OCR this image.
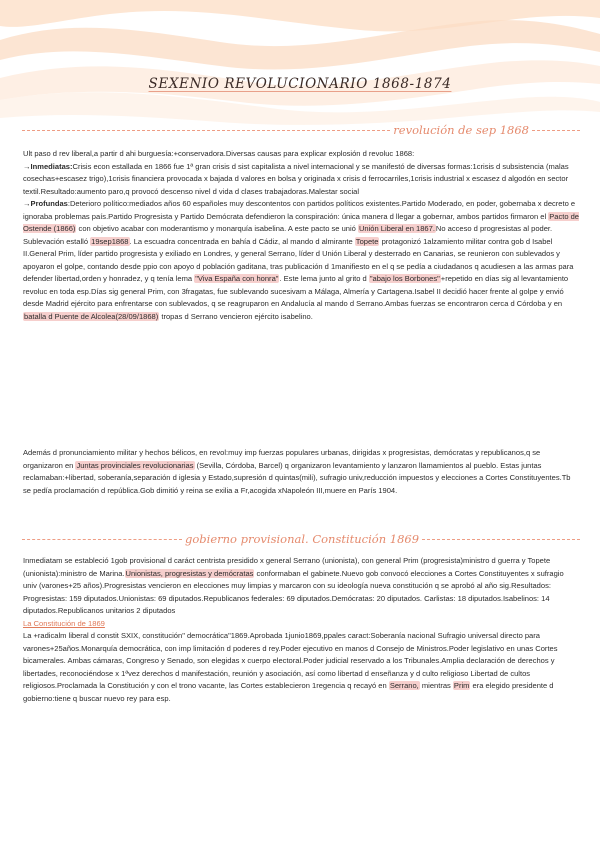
SEXENIO REVOLUCIONARIO 1868-1874
revolución de sep 1868

Ult paso d rev liberal,a partir d ahi burguesía:+conservadora.Diversas causas para explicar explosión d revoluc 1868:
→Inmediatas:Crisis econ estallada en 1866 fue 1ª gran crisis d sist capitalista a nivel internacional y se manifestó de diversas formas:1crisis d subsistencia (malas cosechas+escasez trigo),1crisis financiera provocada x bajada d valores en bolsa y originada x crisis d ferrocarriles,1crisis industrial x escasez d algodón en sector textil.Resultado:aumento paro,q provocó descenso nivel d vida d clases trabajadoras.Malestar social
→Profundas:Deterioro político:mediados años 60 españoles muy descontentos con partidos políticos existentes.Partido Moderado, en poder, gobernaba x decreto e ignoraba problemas país.Partido Progresista y Partido Demócrata defendieron la conspiración: única manera d llegar a gobernar, ambos partidos firmaron el Pacto de Ostende (1866) con objetivo acabar con moderantismo y monarquía isabelina. A este pacto se unió Unión Liberal en 1867.No acceso d progresistas al poder. Sublevación estalló 19sep1868. La escuadra concentrada en bahía d Cádiz, al mando d almirante Topete protagonizó 1alzamiento militar contra gob d Isabel II.General Prim, líder partido progresista y exiliado en Londres, y general Serrano, líder d Unión Liberal y desterrado en Canarias, se reunieron con sublevados y apoyaron el golpe, contando desde ppio con apoyo d población gaditana, tras publicación d 1manifiesto en el q se pedía a ciudadanos q acudiesen a las armas para defender libertad,orden y honradez, y q tenía lema "Viva España con honra". Este lema junto al grito d "abajo los Borbones"+repetido en días sig al levantamiento revoluc en toda esp.Días sig general Prim, con 3fragatas, fue sublevando sucesivam a Málaga, Almería y Cartagena.Isabel II decidió hacer frente al golpe y envió desde Madrid ejército para enfrentarse con sublevados, q se reagruparon en Andalucía al mando d Serrano.Ambas fuerzas se encontraron cerca d Córdoba y en batalla d Puente de Alcolea(28/09/1868) tropas d Serrano vencieron ejército isabelino.

Además d pronunciamiento militar y hechos bélicos, en revol:muy imp fuerzas populares urbanas, dirigidas x progresistas, demócratas y republicanos,q se organizaron en Juntas provinciales revolucionarias (Sevilla, Córdoba, Barcel) q organizaron levantamiento y lanzaron llamamientos al pueblo. Estas juntas reclamaban:+libertad, soberanía,separación d iglesia y Estado,supresión d quintas(mili), sufragio univ,reducción impuestos y elecciones a Cortes Constituyentes.Tb se pedía proclamación d república.Gob dimitió y reina se exilia a Fr,acogida xNapoleón III,muere en París 1904.

gobierno provisional. Constitución 1869

Inmediatam se estableció 1gob provisional d caráct centrista presidido x general Serrano (unionista), con general Prim (progresista)ministro d guerra y Topete (unionista):ministro de Marina.Unionistas, progresistas y demócratas conformaban el gabinete.Nuevo gob convocó elecciones a Cortes Constituyentes x sufragio univ (varones+25 años).Progresistas vencieron en elecciones muy limpias y marcaron con su ideología nueva constitución q se aprobó al año sig.Resultados: Progresistas: 159 diputados.Unionistas: 69 diputados.Republicanos federales: 69 diputados.Demócratas: 20 diputados. Carlistas: 18 diputados.Isabelinos: 14 diputados.Republicanos unitarios 2 diputados

La Constitución de 1869

La +radicalm liberal d constit SXIX, constitución" democrática"1869.Aprobada 1junio1869,ppales caract:Soberanía nacional Sufragio universal directo para varones+25años.Monarquía democrática, con imp limitación d poderes d rey.Poder ejecutivo en manos d Consejo de Ministros.Poder legislativo en unas Cortes bicamerales. Ambas cámaras, Congreso y Senado, son elegidas x cuerpo electoral.Poder judicial reservado a los Tribunales.Amplia declaración de derechos y libertades, reconociéndose x 1ªvez derechos d manifestación, reunión y asociación, así como libertad d enseñanza y d culto religioso Libertad de cultos religiosos.Proclamada la Constitución y con el trono vacante, las Cortes establecieron 1regencia q recayó en Serrano, mientras Prim era elegido presidente d gobierno:tiene q buscar nuevo rey para esp.
